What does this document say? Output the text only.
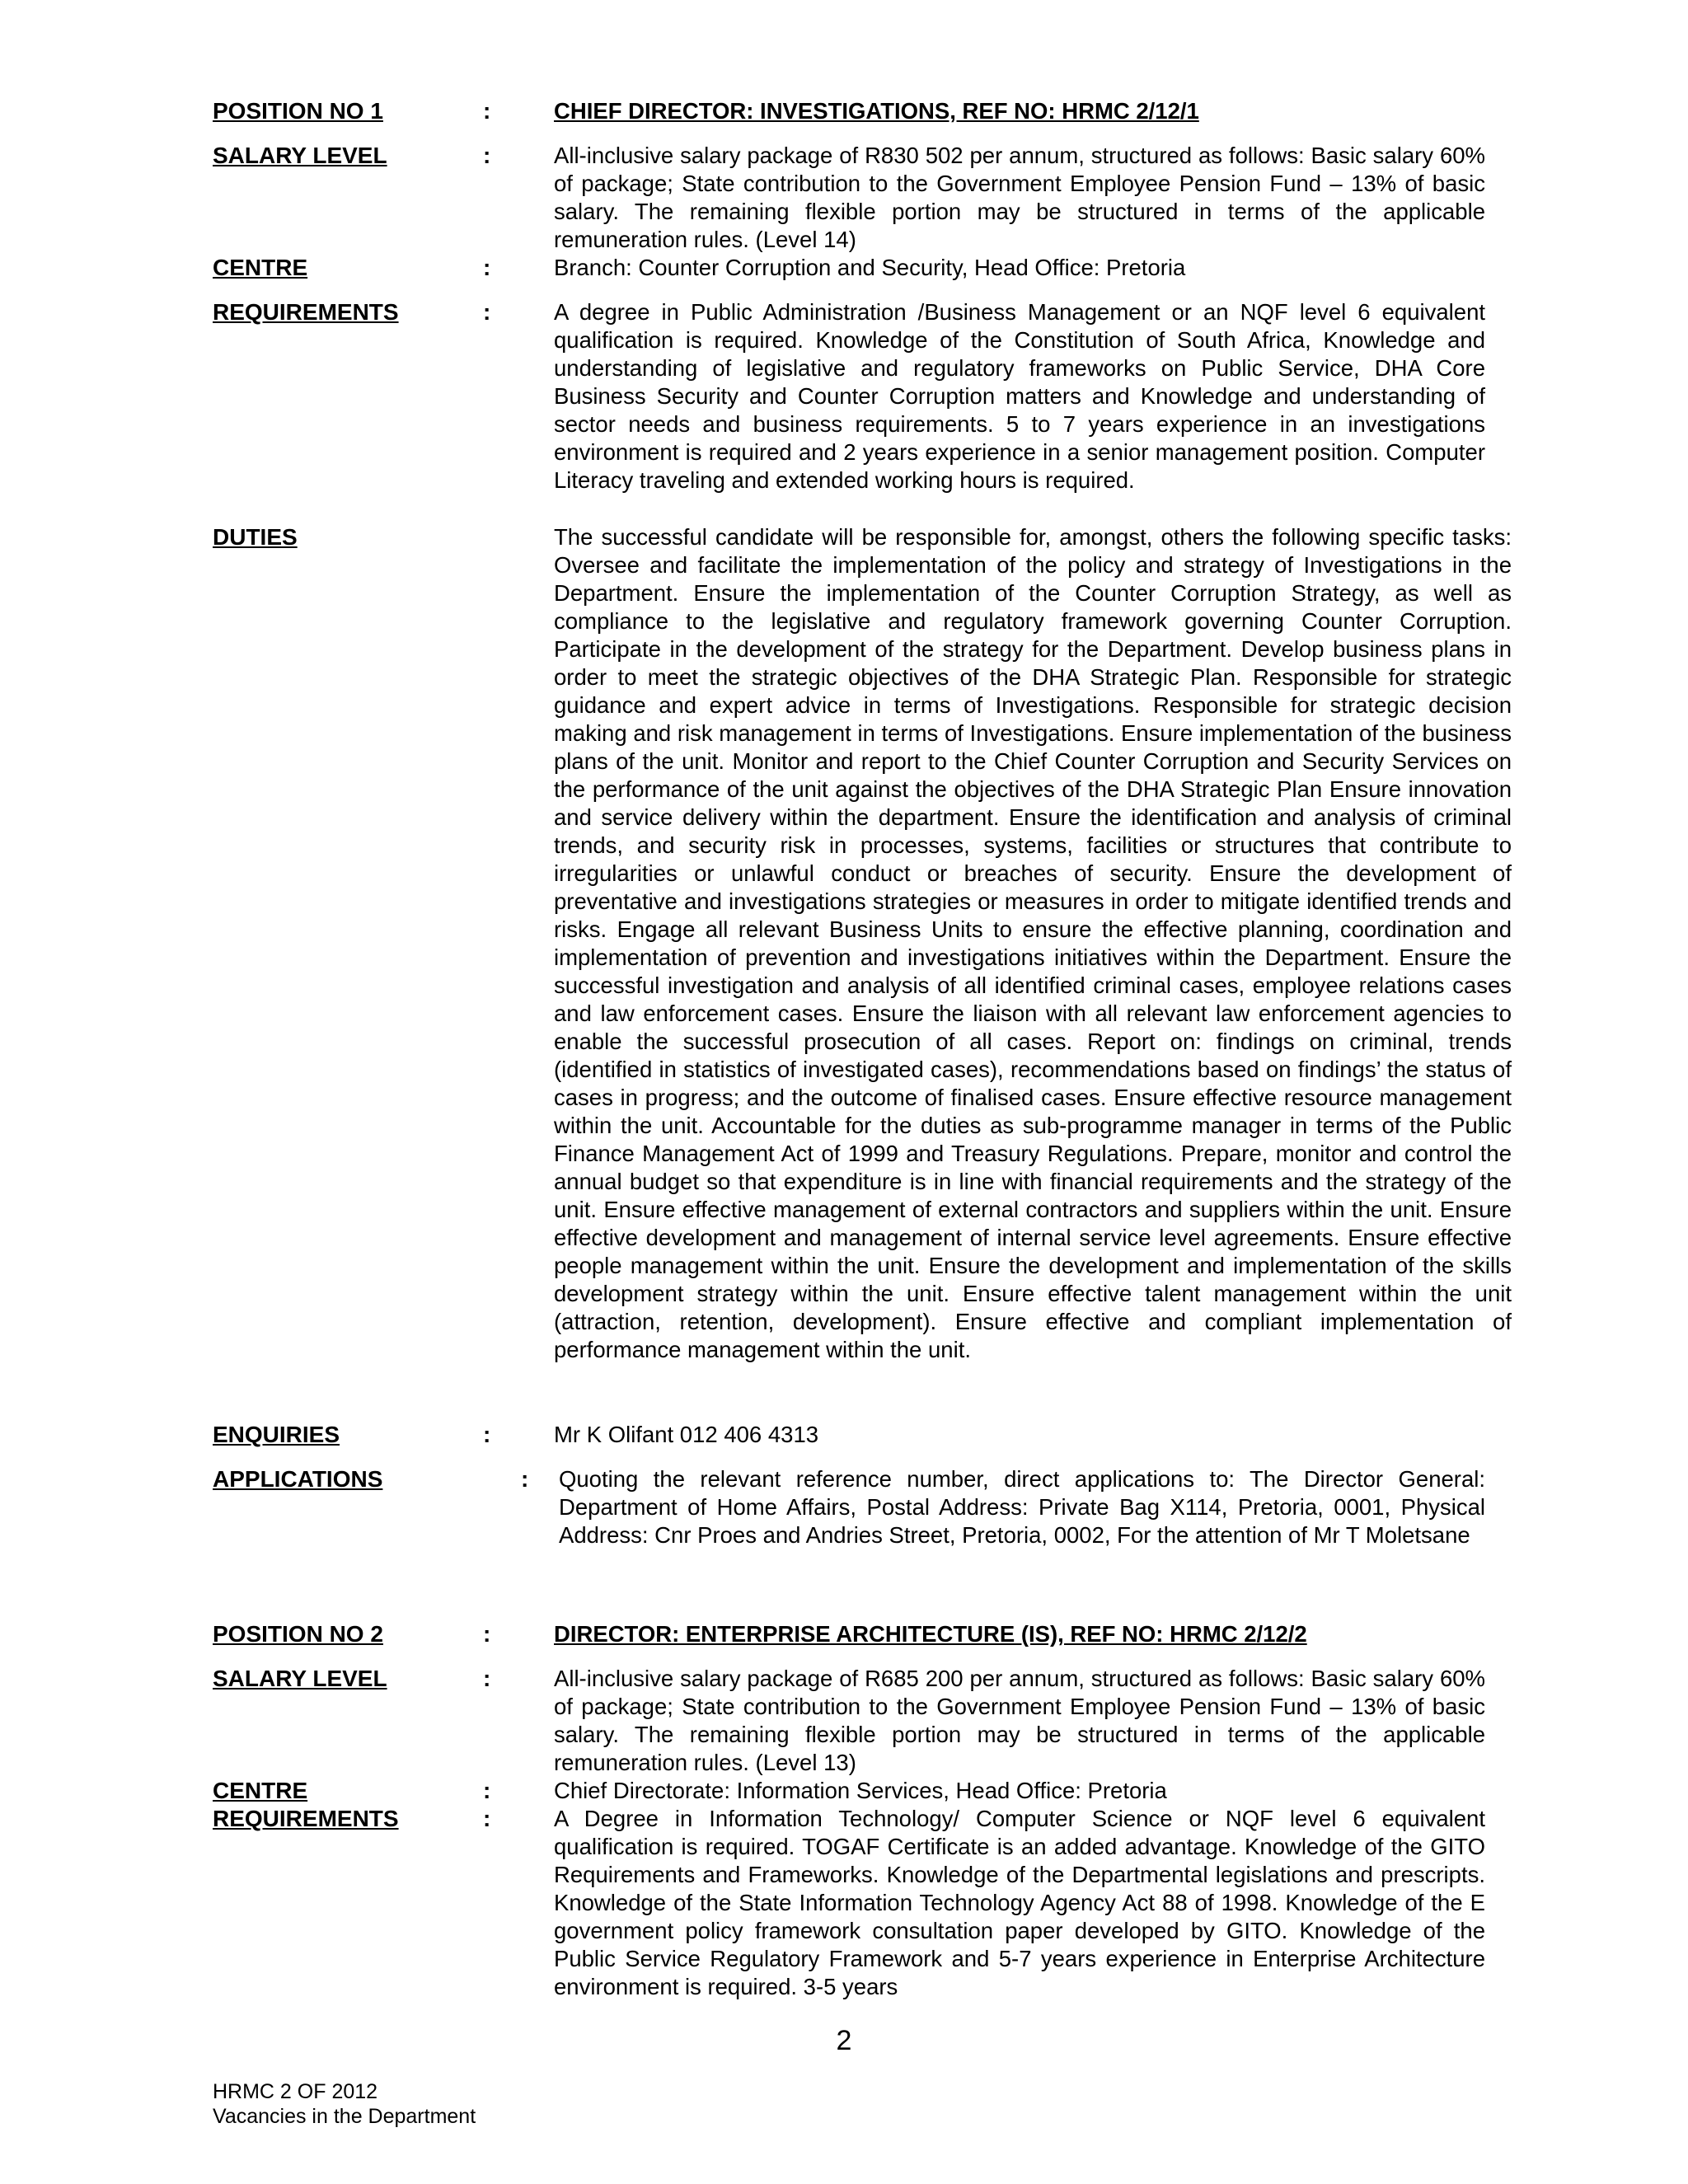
POSITION NO 1	:	CHIEF DIRECTOR: INVESTIGATIONS, REF NO: HRMC 2/12/1
SALARY LEVEL	:	All-inclusive salary package of R830 502 per annum, structured as follows: Basic salary 60% of package; State contribution to the Government Employee Pension Fund – 13% of basic salary. The remaining flexible portion may be structured in terms of the applicable remuneration rules. (Level 14)
CENTRE	:	Branch: Counter Corruption and Security, Head Office: Pretoria
REQUIREMENTS	:	A degree in Public Administration /Business Management or an NQF level 6 equivalent qualification is required. Knowledge of the Constitution of South Africa, Knowledge and understanding of legislative and regulatory frameworks on Public Service, DHA Core Business Security and Counter Corruption matters and Knowledge and understanding of sector needs and business requirements. 5 to 7 years experience in an investigations environment is required and 2 years experience in a senior management position. Computer Literacy traveling and extended working hours is required.
DUTIES	The successful candidate will be responsible for, amongst, others the following specific tasks: Oversee and facilitate the implementation of the policy and strategy of Investigations in the Department. Ensure the implementation of the Counter Corruption Strategy, as well as compliance to the legislative and regulatory framework governing Counter Corruption. Participate in the development of the strategy for the Department. Develop business plans in order to meet the strategic objectives of the DHA Strategic Plan. Responsible for strategic guidance and expert advice in terms of Investigations. Responsible for strategic decision making and risk management in terms of Investigations. Ensure implementation of the business plans of the unit. Monitor and report to the Chief Counter Corruption and Security Services on the performance of the unit against the objectives of the DHA Strategic Plan Ensure innovation and service delivery within the department. Ensure the identification and analysis of criminal trends, and security risk in processes, systems, facilities or structures that contribute to irregularities or unlawful conduct or breaches of security. Ensure the development of preventative and investigations strategies or measures in order to mitigate identified trends and risks. Engage all relevant Business Units to ensure the effective planning, coordination and implementation of prevention and investigations initiatives within the Department. Ensure the successful investigation and analysis of all identified criminal cases, employee relations cases and law enforcement cases. Ensure the liaison with all relevant law enforcement agencies to enable the successful prosecution of all cases. Report on: findings on criminal, trends (identified in statistics of investigated cases), recommendations based on findings’ the status of cases in progress; and the outcome of finalised cases. Ensure effective resource management within the unit. Accountable for the duties as sub-programme manager in terms of the Public Finance Management Act of 1999 and Treasury Regulations. Prepare, monitor and control the annual budget so that expenditure is in line with financial requirements and the strategy of the unit. Ensure effective management of external contractors and suppliers within the unit. Ensure effective development and management of internal service level agreements. Ensure effective people management within the unit. Ensure the development and implementation of the skills development strategy within the unit. Ensure effective talent management within the unit (attraction, retention, development). Ensure effective and compliant implementation of performance management within the unit.
ENQUIRIES	:	Mr K Olifant 012 406 4313
APPLICATIONS	: Quoting the relevant reference number, direct applications to: The Director General: Department of Home Affairs, Postal Address: Private Bag X114, Pretoria, 0001, Physical Address: Cnr Proes and Andries Street, Pretoria, 0002, For the attention of Mr T Moletsane
POSITION NO 2	:	DIRECTOR: ENTERPRISE ARCHITECTURE (IS), REF NO: HRMC 2/12/2
SALARY LEVEL	:	All-inclusive salary package of R685 200 per annum, structured as follows: Basic salary 60% of package; State contribution to the Government Employee Pension Fund – 13% of basic salary. The remaining flexible portion may be structured in terms of the applicable remuneration rules. (Level 13)
CENTRE	:	Chief Directorate: Information Services, Head Office: Pretoria
REQUIREMENTS	:	A Degree in Information Technology/ Computer Science or NQF level 6 equivalent qualification is required. TOGAF Certificate is an added advantage. Knowledge of the GITO Requirements and Frameworks. Knowledge of the Departmental legislations and prescripts. Knowledge of the State Information Technology Agency Act 88 of 1998. Knowledge of the E government policy framework consultation paper developed by GITO. Knowledge of the Public Service Regulatory Framework and 5-7 years experience in Enterprise Architecture environment is required. 3-5 years
2
HRMC 2 OF 2012
Vacancies in the Department
